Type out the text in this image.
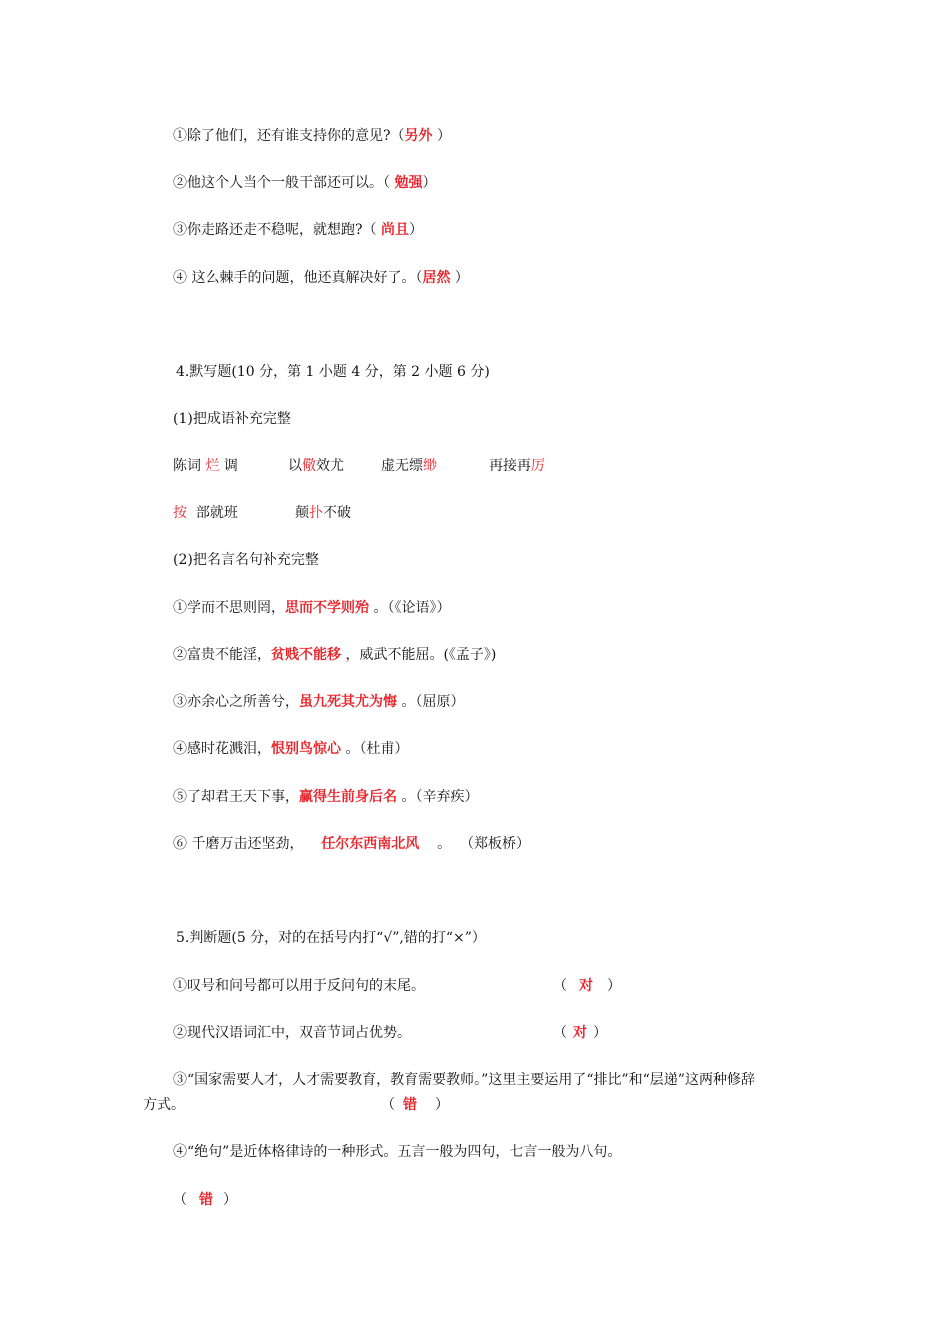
①除了他们，还有谁支持你的意见?（另外 ）
②他这个人当个一般干部还可以。（ 勉强）
③你走路还走不稳呢，就想跑?（ 尚且）
④ 这么棘手的问题，他还真解决好了。（居然 ）
4.默写题(10 分，第 1 小题 4 分，第 2 小题 6 分)
(1)把成语补充完整
陈词 烂 调	以儆效尤	虚无缥缈	再接再厉
按  部就班	颠扑不破
(2)把名言名句补充完整
①学而不思则罔，思而不学则殆 。（《论语》）
②富贵不能淫，贫贱不能移 ，威武不能屈。(《孟子》)
③亦余心之所善兮，虽九死其尤为悔 。（屈原）
④感时花溅泪，恨别鸟惊心 。（杜甫）
⑤了却君王天下事，赢得生前身后名 。（辛弃疾）
⑥ 千磨万击还坚劲，    任尔东西南北风    。  （郑板桥）
5.判断题(5 分，对的在括号内打“√”,错的打“×”）
①叹号和问号都可以用于反问句的末尾。	（ 对 ）
②现代汉语词汇中，双音节词占优势。	（ 对 ）
③“国家需要人才，人才需要教育，教育需要教师。”这里主要运用了“排比”和“层递”这两种修辞
方式。	（ 错 ）
④“绝句”是近体格律诗的一种形式。五言一般为四句，七言一般为八句。
（ 错 ）
